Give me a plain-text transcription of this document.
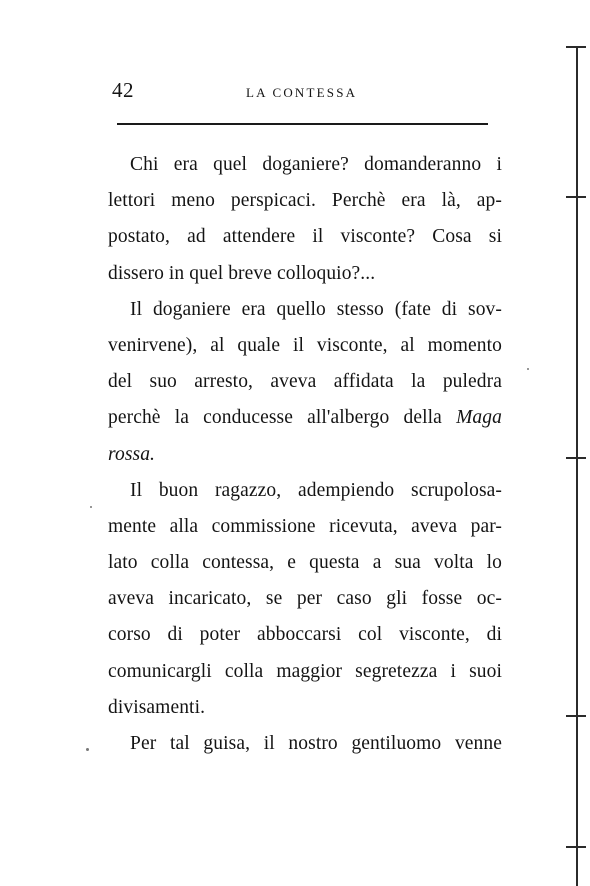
42	LA CONTESSA
Chi era quel doganiere? domanderanno i
lettori meno perspicaci. Perchè era là, ap-
postato, ad attendere il visconte? Cosa si
dissero in quel breve colloquio?...
Il doganiere era quello stesso (fate di sov-
venirvene), al quale il visconte, al momento
del suo arresto, aveva affidata la puledra
perchè la conducesse all'albergo della Maga
rossa.
Il buon ragazzo, adempiendo scrupolosa-
mente alla commissione ricevuta, aveva par-
lato colla contessa, e questa a sua volta lo
aveva incaricato, se per caso gli fosse oc-
corso di poter abboccarsi col visconte, di
comunicargli colla maggior segretezza i suoi
divisamenti.
Per tal guisa, il nostro gentiluomo venne
